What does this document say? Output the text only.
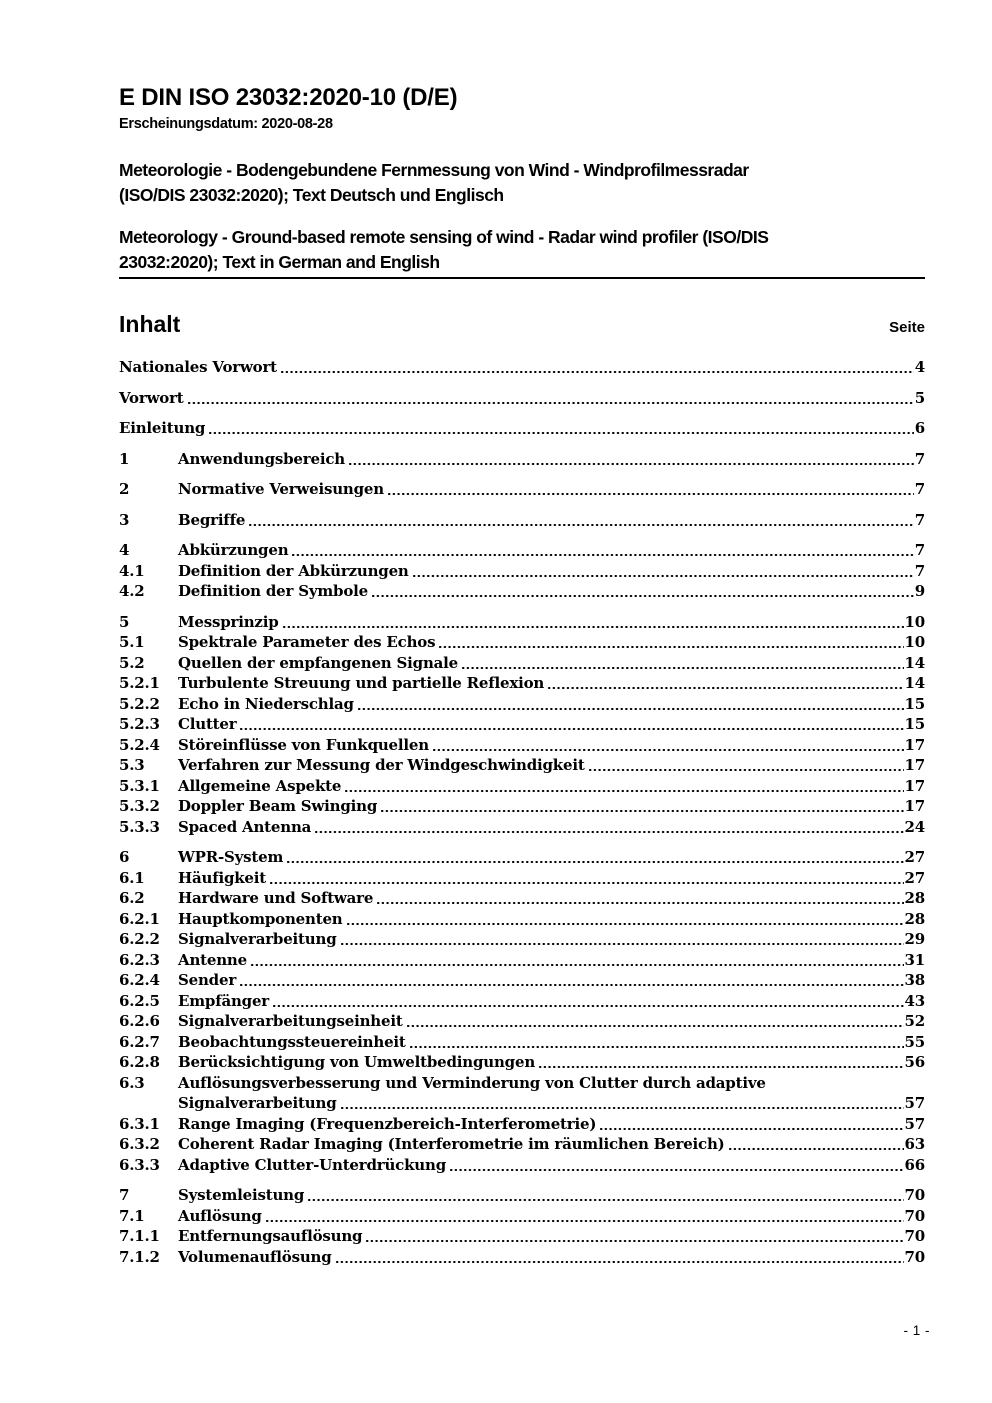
E DIN ISO 23032:2020-10 (D/E)
Erscheinungsdatum: 2020-08-28
Meteorologie - Bodengebundene Fernmessung von Wind - Windprofilmessradar
(ISO/DIS 23032:2020); Text Deutsch und Englisch
Meteorology - Ground-based remote sensing of wind - Radar wind profiler (ISO/DIS
23032:2020); Text in German and English
Inhalt	Seite
Nationales Vorwort	4
Vorwort	5
Einleitung	6
1	Anwendungsbereich	7
2	Normative Verweisungen	7
3	Begriffe	7
4	Abkürzungen	7
4.1	Definition der Abkürzungen	7
4.2	Definition der Symbole	9
5	Messprinzip	10
5.1	Spektrale Parameter des Echos	10
5.2	Quellen der empfangenen Signale	14
5.2.1	Turbulente Streuung und partielle Reflexion	14
5.2.2	Echo in Niederschlag	15
5.2.3	Clutter	15
5.2.4	Störeinflüsse von Funkquellen	17
5.3	Verfahren zur Messung der Windgeschwindigkeit	17
5.3.1	Allgemeine Aspekte	17
5.3.2	Doppler Beam Swinging	17
5.3.3	Spaced Antenna	24
6	WPR-System	27
6.1	Häufigkeit	27
6.2	Hardware und Software	28
6.2.1	Hauptkomponenten	28
6.2.2	Signalverarbeitung	29
6.2.3	Antenne	31
6.2.4	Sender	38
6.2.5	Empfänger	43
6.2.6	Signalverarbeitungseinheit	52
6.2.7	Beobachtungssteuereinheit	55
6.2.8	Berücksichtigung von Umweltbedingungen	56
6.3	Auflösungsverbesserung und Verminderung von Clutter durch adaptive
Signalverarbeitung	57
6.3.1	Range Imaging (Frequenzbereich-Interferometrie)	57
6.3.2	Coherent Radar Imaging (Interferometrie im räumlichen Bereich)	63
6.3.3	Adaptive Clutter-Unterdrückung	66
7	Systemleistung	70
7.1	Auflösung	70
7.1.1	Entfernungsauflösung	70
7.1.2	Volumenauflösung	70
- 1 -
